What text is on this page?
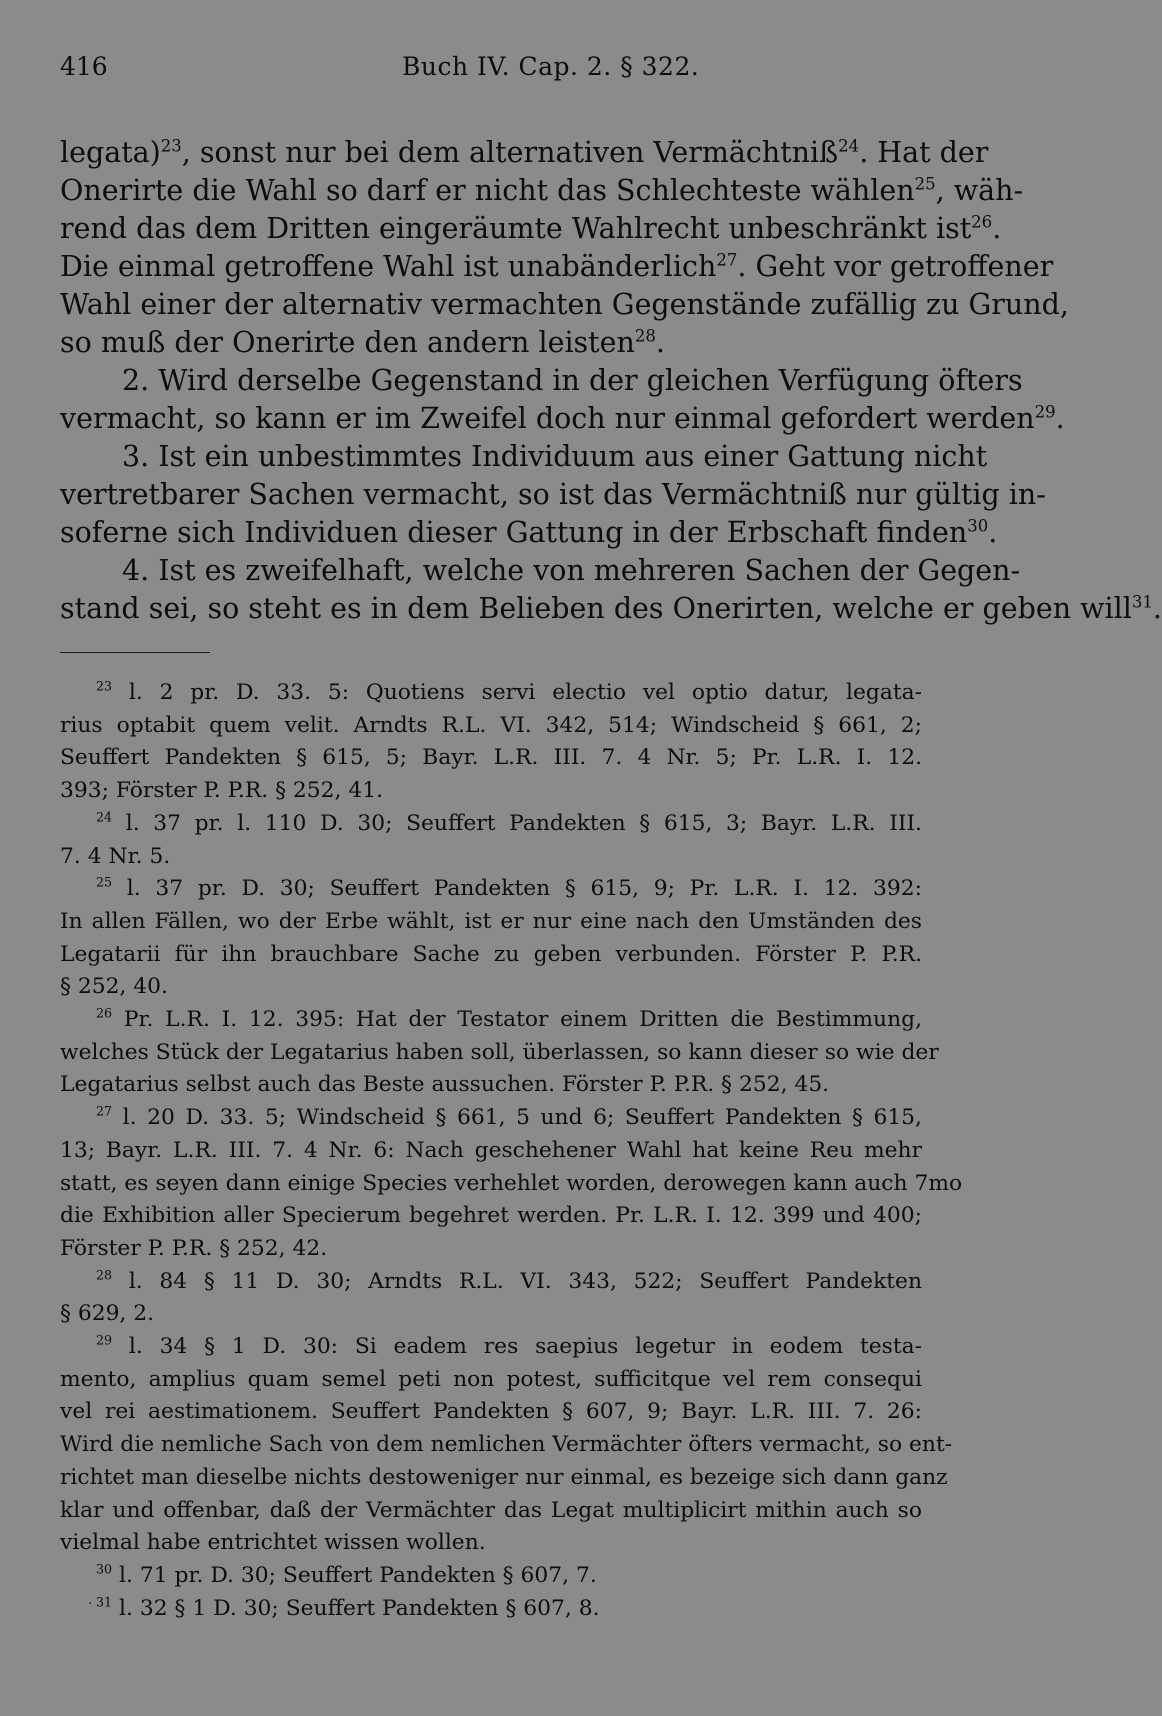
416	Buch IV. Cap. 2. § 322.
legata)$^{23}$, sonst nur bei dem alternativen Vermächtniß$^{24}$. Hat der
Onerirte die Wahl so darf er nicht das Schlechteste wählen$^{25}$, wäh-
rend das dem Dritten eingeräumte Wahlrecht unbeschränkt ist$^{26}$.
Die einmal getroffene Wahl ist unabänderlich$^{27}$. Geht vor getroffener
Wahl einer der alternativ vermachten Gegenstände zufällig zu Grund,
so muß der Onerirte den andern leisten$^{28}$.
2. Wird derselbe Gegenstand in der gleichen Verfügung öfters
vermacht, so kann er im Zweifel doch nur einmal gefordert werden$^{29}$.
3. Ist ein unbestimmtes Individuum aus einer Gattung nicht
vertretbarer Sachen vermacht, so ist das Vermächtniß nur gültig in-
soferne sich Individuen dieser Gattung in der Erbschaft finden$^{30}$.
4. Ist es zweifelhaft, welche von mehreren Sachen der Gegen-
stand sei, so steht es in dem Belieben des Onerirten, welche er geben will$^{31}$.
$^{23}$ l. 2 pr. D. 33. 5: Quotiens servi electio vel optio datur, legata-
rius optabit quem velit. Arndts R.L. VI. 342, 514; Windscheid § 661, 2;
Seuffert Pandekten § 615, 5; Bayr. L.R. III. 7. 4 Nr. 5; Pr. L.R. I. 12.
393; Förster P. P.R. § 252, 41.
$^{24}$ l. 37 pr. l. 110 D. 30; Seuffert Pandekten § 615, 3; Bayr. L.R. III.
7. 4 Nr. 5.
$^{25}$ l. 37 pr. D. 30; Seuffert Pandekten § 615, 9; Pr. L.R. I. 12. 392:
In allen Fällen, wo der Erbe wählt, ist er nur eine nach den Umständen des
Legatarii für ihn brauchbare Sache zu geben verbunden. Förster P. P.R.
§ 252, 40.
$^{26}$ Pr. L.R. I. 12. 395: Hat der Testator einem Dritten die Bestimmung,
welches Stück der Legatarius haben soll, überlassen, so kann dieser so wie der
Legatarius selbst auch das Beste aussuchen. Förster P. P.R. § 252, 45.
$^{27}$ l. 20 D. 33. 5; Windscheid § 661, 5 und 6; Seuffert Pandekten § 615,
13; Bayr. L.R. III. 7. 4 Nr. 6: Nach geschehener Wahl hat keine Reu mehr
statt, es seyen dann einige Species verhehlet worden, derowegen kann auch 7mo
die Exhibition aller Specierum begehret werden. Pr. L.R. I. 12. 399 und 400;
Förster P. P.R. § 252, 42.
$^{28}$ l. 84 § 11 D. 30; Arndts R.L. VI. 343, 522; Seuffert Pandekten
§ 629, 2.
$^{29}$ l. 34 § 1 D. 30: Si eadem res saepius legetur in eodem testa-
mento, amplius quam semel peti non potest, sufficitque vel rem consequi
vel rei aestimationem. Seuffert Pandekten § 607, 9; Bayr. L.R. III. 7. 26:
Wird die nemliche Sach von dem nemlichen Vermächter öfters vermacht, so ent-
richtet man dieselbe nichts destoweniger nur einmal, es bezeige sich dann ganz
klar und offenbar, daß der Vermächter das Legat multiplicirt mithin auch so
vielmal habe entrichtet wissen wollen.
$^{30}$ l. 71 pr. D. 30; Seuffert Pandekten § 607, 7.
$^{31}$ l. 32 § 1 D. 30; Seuffert Pandekten § 607, 8.
·
